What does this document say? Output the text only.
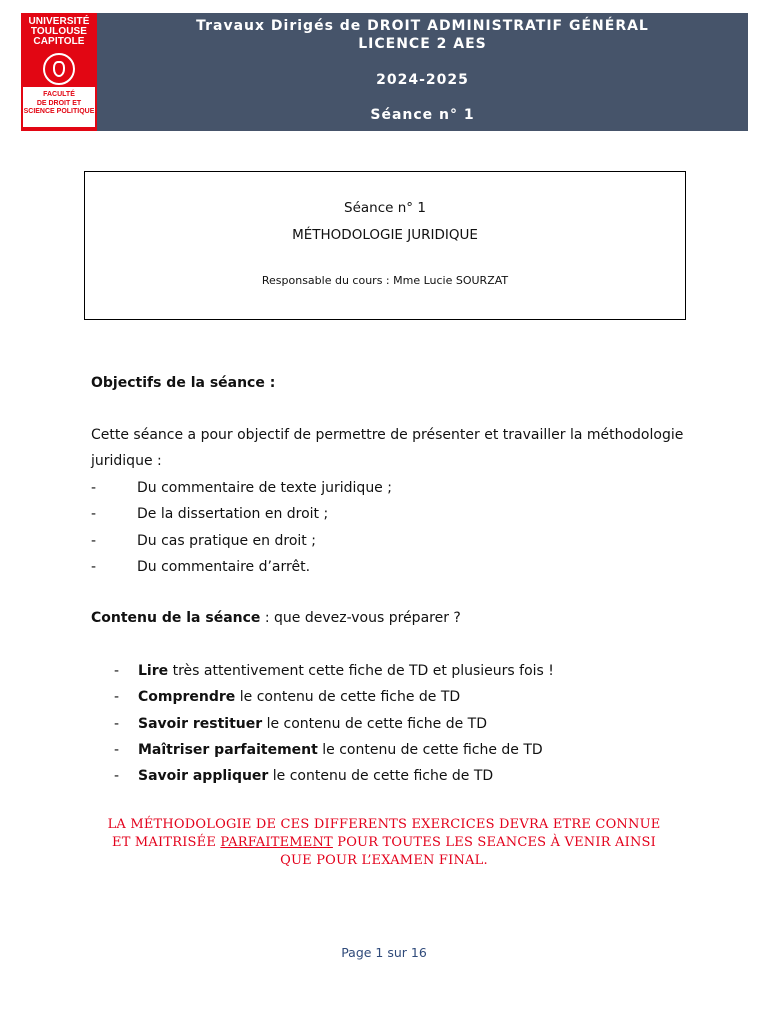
UNIVERSITÉ
TOULOUSE
CAPITOLE
FACULTÉ
DE DROIT ET
SCIENCE POLITIQUE
Travaux Dirigés de DROIT ADMINISTRATIF GÉNÉRAL
LICENCE 2 AES
2024-2025
Séance n° 1
Séance n° 1
MÉTHODOLOGIE JURIDIQUE
Responsable du cours : Mme Lucie SOURZAT
Objectifs de la séance :
Cette séance a pour objectif de permettre de présenter et travailler la méthodologie juridique :
-	Du commentaire de texte juridique ;
-	De la dissertation en droit ;
-	Du cas pratique en droit ;
-	Du commentaire d’arrêt.
Contenu de la séance : que devez-vous préparer ?
- Lire très attentivement cette fiche de TD et plusieurs fois !
- Comprendre le contenu de cette fiche de TD
- Savoir restituer le contenu de cette fiche de TD
- Maîtriser parfaitement le contenu de cette fiche de TD
- Savoir appliquer le contenu de cette fiche de TD
LA MÉTHODOLOGIE DE CES DIFFERENTS EXERCICES DEVRA ETRE CONNUE
ET MAITRISÉE PARFAITEMENT POUR TOUTES LES SEANCES À VENIR AINSI
QUE POUR L’EXAMEN FINAL.
Page 1 sur 16
